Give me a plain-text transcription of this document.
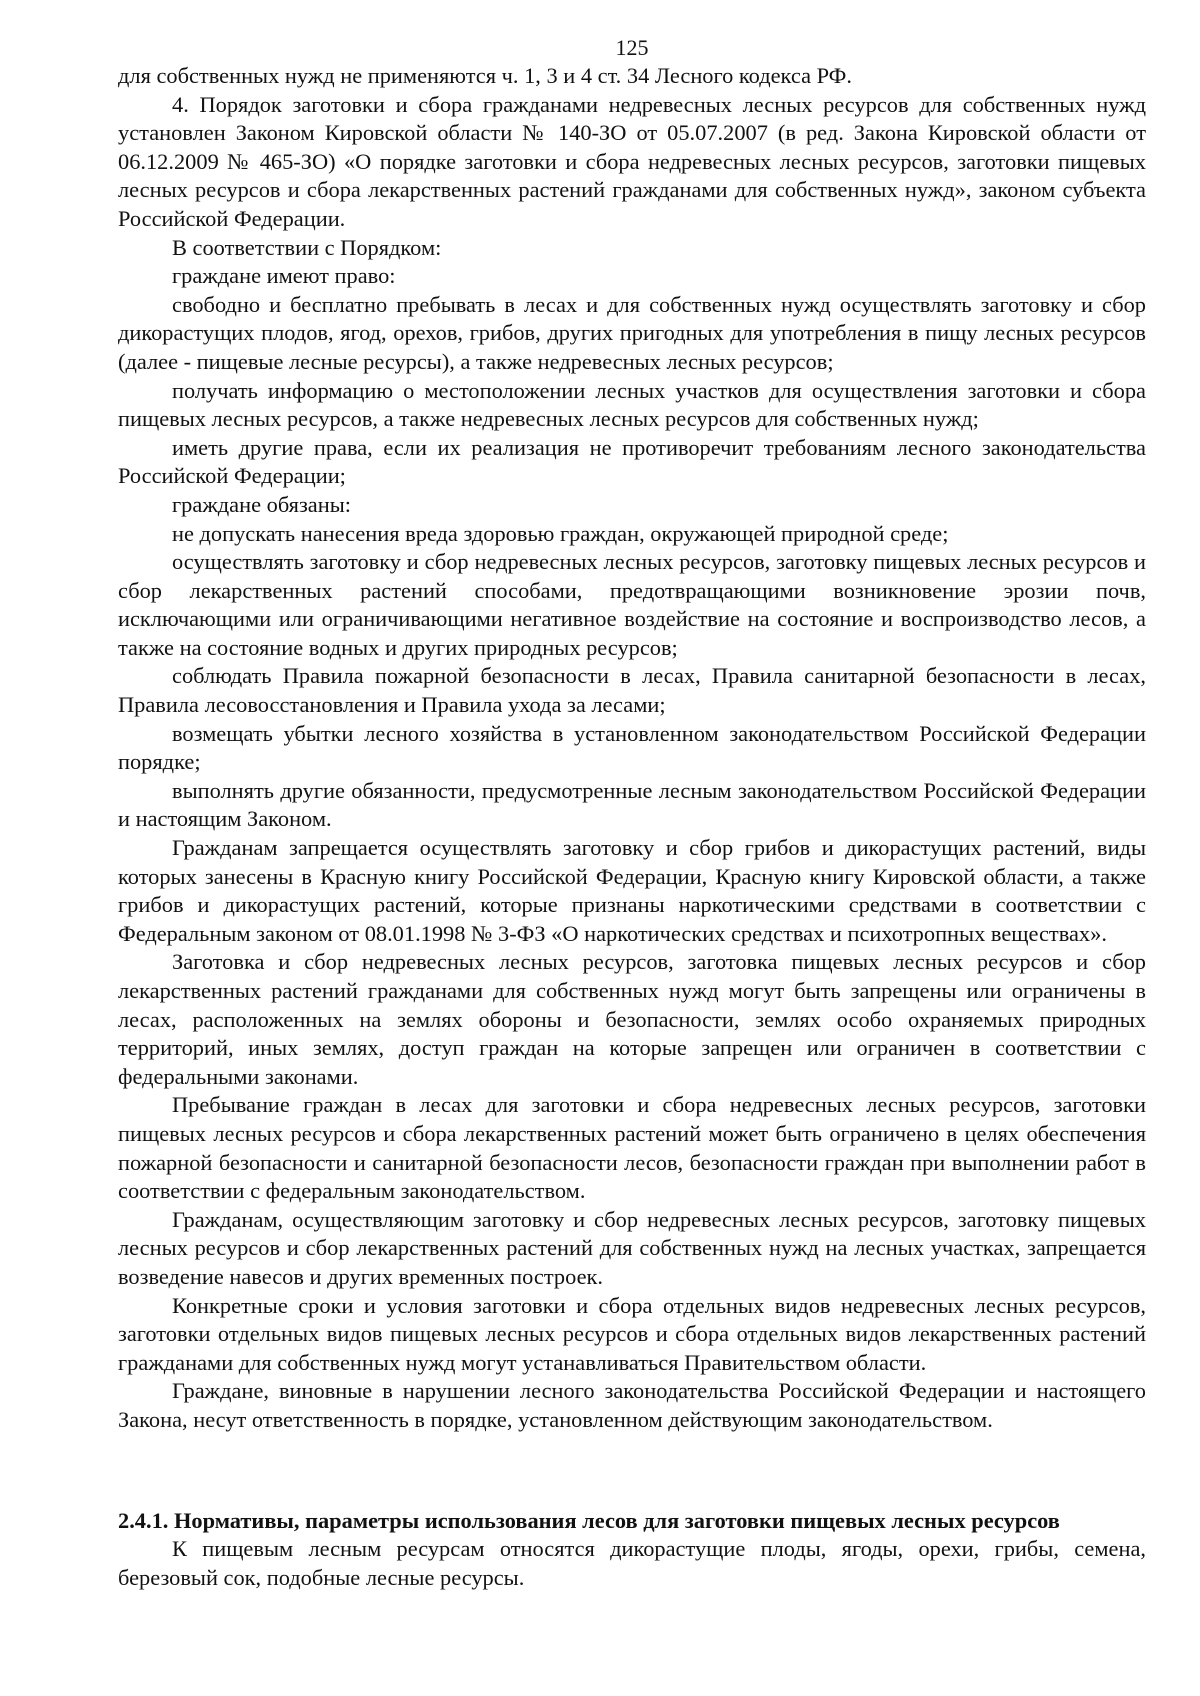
125

для собственных нужд не применяются ч. 1, 3 и 4 ст. 34 Лесного кодекса РФ.

4. Порядок заготовки и сбора гражданами недревесных лесных ресурсов для собственных нужд установлен Законом Кировской области № 140-ЗО от 05.07.2007 (в ред. Закона Кировской области от 06.12.2009 № 465-ЗО) «О порядке заготовки и сбора недревесных лесных ресурсов, заготовки пищевых лесных ресурсов и сбора лекарственных растений гражданами для собственных нужд», законом субъекта Российской Федерации.

В соответствии с Порядком:

граждане имеют право:

свободно и бесплатно пребывать в лесах и для собственных нужд осуществлять заготовку и сбор дикорастущих плодов, ягод, орехов, грибов, других пригодных для употребления в пищу лесных ресурсов (далее - пищевые лесные ресурсы), а также недревесных лесных ресурсов;

получать информацию о местоположении лесных участков для осуществления заготовки и сбора пищевых лесных ресурсов, а также недревесных лесных ресурсов для собственных нужд;

иметь другие права, если их реализация не противоречит требованиям лесного законодательства Российской Федерации;

граждане обязаны:

не допускать нанесения вреда здоровью граждан, окружающей природной среде;

осуществлять заготовку и сбор недревесных лесных ресурсов, заготовку пищевых лесных ресурсов и сбор лекарственных растений способами, предотвращающими возникновение эрозии почв, исключающими или ограничивающими негативное воздействие на состояние и воспроизводство лесов, а также на состояние водных и других природных ресурсов;

соблюдать Правила пожарной безопасности в лесах, Правила санитарной безопасности в лесах, Правила лесовосстановления и Правила ухода за лесами;

возмещать убытки лесного хозяйства в установленном законодательством Российской Федерации порядке;

выполнять другие обязанности, предусмотренные лесным законодательством Российской Федерации и настоящим Законом.

Гражданам запрещается осуществлять заготовку и сбор грибов и дикорастущих растений, виды которых занесены в Красную книгу Российской Федерации, Красную книгу Кировской области, а также грибов и дикорастущих растений, которые признаны наркотическими средствами в соответствии с Федеральным законом от 08.01.1998 № 3-ФЗ «О наркотических средствах и психотропных веществах».

Заготовка и сбор недревесных лесных ресурсов, заготовка пищевых лесных ресурсов и сбор лекарственных растений гражданами для собственных нужд могут быть запрещены или ограничены в лесах, расположенных на землях обороны и безопасности, землях особо охраняемых природных территорий, иных землях, доступ граждан на которые запрещен или ограничен в соответствии с федеральными законами.

Пребывание граждан в лесах для заготовки и сбора недревесных лесных ресурсов, заготовки пищевых лесных ресурсов и сбора лекарственных растений может быть ограничено в целях обеспечения пожарной безопасности и санитарной безопасности лесов, безопасности граждан при выполнении работ в соответствии с федеральным законодательством.

Гражданам, осуществляющим заготовку и сбор недревесных лесных ресурсов, заготовку пищевых лесных ресурсов и сбор лекарственных растений для собственных нужд на лесных участках, запрещается возведение навесов и других временных построек.

Конкретные сроки и условия заготовки и сбора отдельных видов недревесных лесных ресурсов, заготовки отдельных видов пищевых лесных ресурсов и сбора отдельных видов лекарственных растений гражданами для собственных нужд могут устанавливаться Правительством области.

Граждане, виновные в нарушении лесного законодательства Российской Федерации и настоящего Закона, несут ответственность в порядке, установленном действующим законодательством.

2.4.1. Нормативы, параметры использования лесов для заготовки пищевых лесных ресурсов

К пищевым лесным ресурсам относятся дикорастущие плоды, ягоды, орехи, грибы, семена, березовый сок, подобные лесные ресурсы.
